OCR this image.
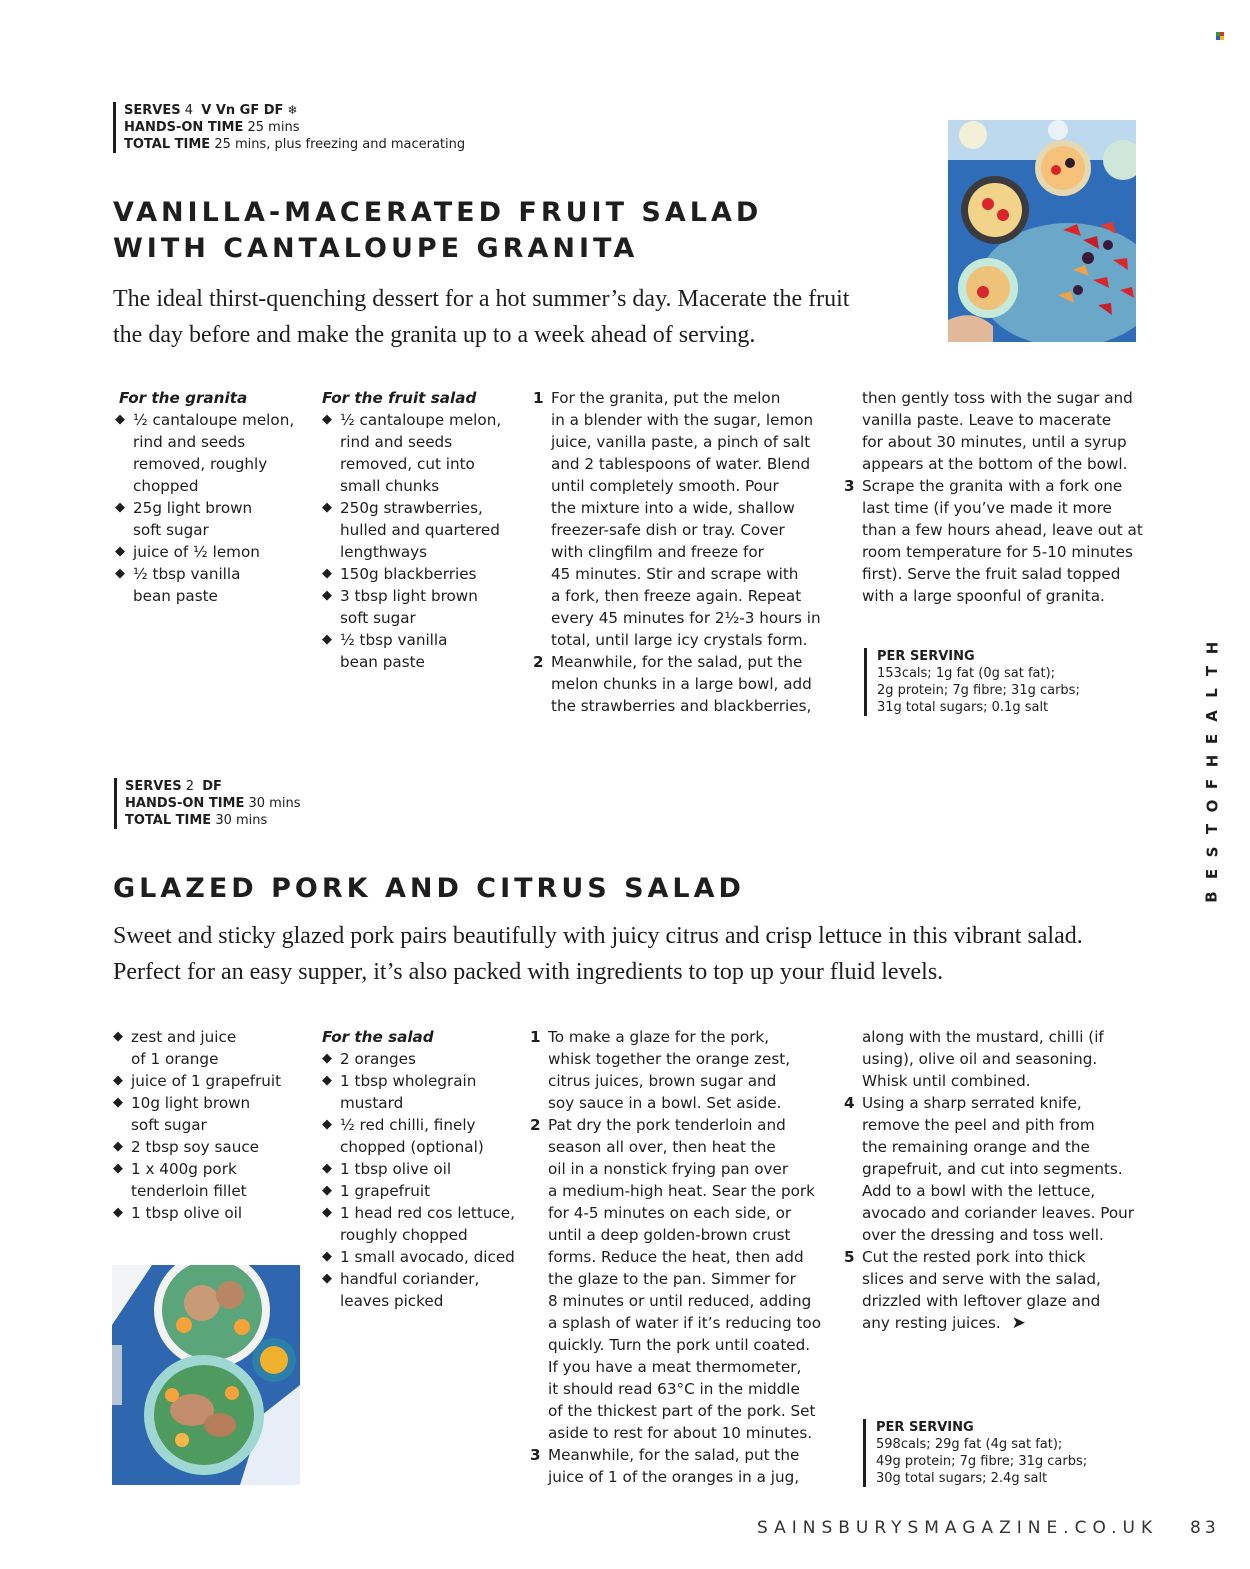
SERVES 4 V Vn GF DF ❄
HANDS-ON TIME 25 mins
TOTAL TIME 25 mins, plus freezing and macerating
VANILLA-MACERATED FRUIT SALAD
WITH CANTALOUPE GRANITA

The ideal thirst-quenching dessert for a hot summer’s day. Macerate the fruit

the day before and make the granita up to a week ahead of serving.

For the granita
◆ ½ cantaloupe melon,
rind and seeds
removed, roughly
chopped
◆ 25g light brown
soft sugar
◆ juice of ½ lemon
◆ ½ tbsp vanilla
bean paste
For the fruit salad
◆ ½ cantaloupe melon,
rind and seeds
removed, cut into
small chunks
◆ 250g strawberries,
hulled and quartered
lengthways
◆ 150g blackberries
◆ 3 tbsp light brown
soft sugar
◆ ½ tbsp vanilla
bean paste
1 For the granita, put the melon
in a blender with the sugar, lemon
juice, vanilla paste, a pinch of salt
and 2 tablespoons of water. Blend
until completely smooth. Pour
the mixture into a wide, shallow
freezer-safe dish or tray. Cover
with clingfilm and freeze for
45 minutes. Stir and scrape with
a fork, then freeze again. Repeat
every 45 minutes for 2½-3 hours in
total, until large icy crystals form.
2 Meanwhile, for the salad, put the
melon chunks in a large bowl, add
the strawberries and blackberries,
then gently toss with the sugar and
vanilla paste. Leave to macerate
for about 30 minutes, until a syrup
appears at the bottom of the bowl.
3 Scrape the granita with a fork one
last time (if you’ve made it more
than a few hours ahead, leave out at
room temperature for 5-10 minutes
first). Serve the fruit salad topped
with a large spoonful of granita.
PER SERVING
153cals; 1g fat (0g sat fat);
2g protein; 7g fibre; 31g carbs;
31g total sugars; 0.1g salt
B
E
S
T
O
F
H
E
A
L
T
H
SERVES 2 DF
HANDS-ON TIME 30 mins
TOTAL TIME 30 mins
GLAZED PORK AND CITRUS SALAD

Sweet and sticky glazed pork pairs beautifully with juicy citrus and crisp lettuce in this vibrant salad.

Perfect for an easy supper, it’s also packed with ingredients to top up your fluid levels.

◆ zest and juice
of 1 orange
◆ juice of 1 grapefruit
◆ 10g light brown
soft sugar
◆ 2 tbsp soy sauce
◆ 1 x 400g pork
tenderloin fillet
◆ 1 tbsp olive oil
For the salad
◆ 2 oranges
◆ 1 tbsp wholegrain
mustard
◆ ½ red chilli, finely
chopped (optional)
◆ 1 tbsp olive oil
◆ 1 grapefruit
◆ 1 head red cos lettuce,
roughly chopped
◆ 1 small avocado, diced
◆ handful coriander,
leaves picked
1 To make a glaze for the pork,
whisk together the orange zest,
citrus juices, brown sugar and
soy sauce in a bowl. Set aside.
2 Pat dry the pork tenderloin and
season all over, then heat the
oil in a nonstick frying pan over
a medium-high heat. Sear the pork
for 4-5 minutes on each side, or
until a deep golden-brown crust
forms. Reduce the heat, then add
the glaze to the pan. Simmer for
8 minutes or until reduced, adding
a splash of water if it’s reducing too
quickly. Turn the pork until coated.
If you have a meat thermometer,
it should read 63°C in the middle
of the thickest part of the pork. Set
aside to rest for about 10 minutes.
3 Meanwhile, for the salad, put the
juice of 1 of the oranges in a jug,
along with the mustard, chilli (if
using), olive oil and seasoning.
Whisk until combined.
4 Using a sharp serrated knife,
remove the peel and pith from
the remaining orange and the
grapefruit, and cut into segments.
Add to a bowl with the lettuce,
avocado and coriander leaves. Pour
over the dressing and toss well.
5 Cut the rested pork into thick
slices and serve with the salad,
drizzled with leftover glaze and
any resting juices. ➤
PER SERVING
598cals; 29g fat (4g sat fat);
49g protein; 7g fibre; 31g carbs;
30g total sugars; 2.4g salt
SAINSBURYSMAGAZINE.CO.UK 83
